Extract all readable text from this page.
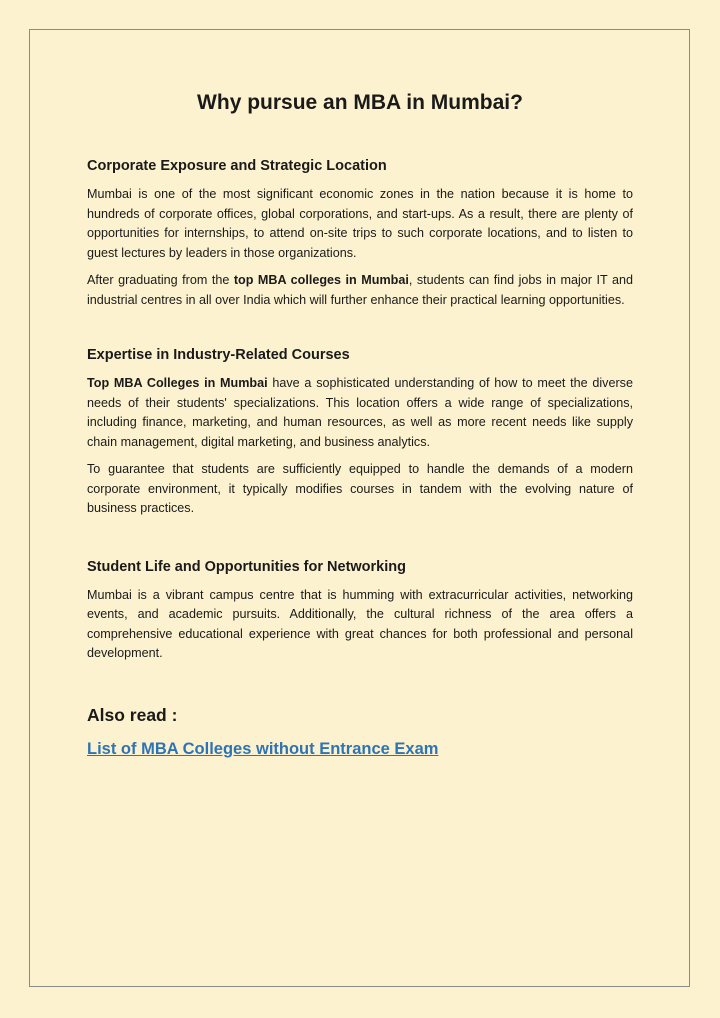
Why pursue an MBA in Mumbai?
Corporate Exposure and Strategic Location

Mumbai is one of the most significant economic zones in the nation because it is home to hundreds of corporate offices, global corporations, and start-ups. As a result, there are plenty of opportunities for internships, to attend on-site trips to such corporate locations, and to listen to guest lectures by leaders in those organizations.

After graduating from the top MBA colleges in Mumbai, students can find jobs in major IT and industrial centres in all over India which will further enhance their practical learning opportunities.

Expertise in Industry-Related Courses

Top MBA Colleges in Mumbai have a sophisticated understanding of how to meet the diverse needs of their students' specializations. This location offers a wide range of specializations, including finance, marketing, and human resources, as well as more recent needs like supply chain management, digital marketing, and business analytics.

To guarantee that students are sufficiently equipped to handle the demands of a modern corporate environment, it typically modifies courses in tandem with the evolving nature of business practices.

Student Life and Opportunities for Networking

Mumbai is a vibrant campus centre that is humming with extracurricular activities, networking events, and academic pursuits. Additionally, the cultural richness of the area offers a comprehensive educational experience with great chances for both professional and personal development.

Also read :
List of MBA Colleges without Entrance Exam
